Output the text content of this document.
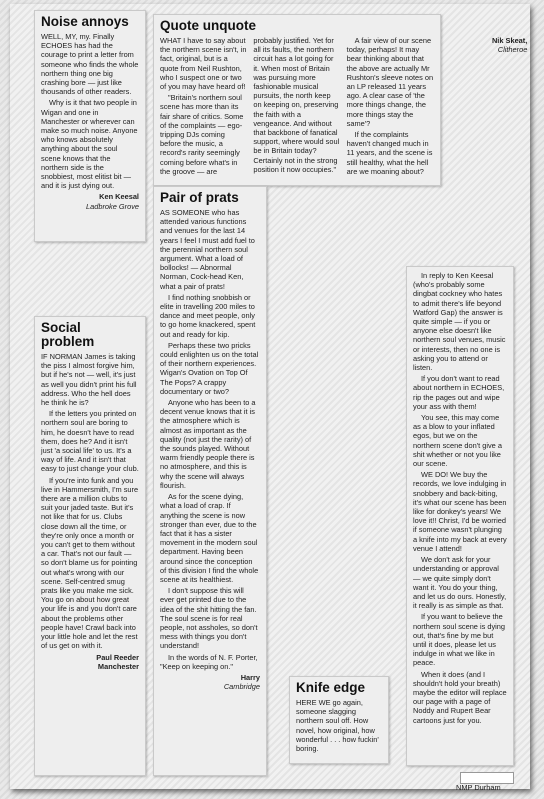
Noise annoys

WELL, MY, my. Finally ECHOES has had the courage to print a letter from someone who finds the whole northern thing one big crashing bore — just like thousands of other readers.

Why is it that two people in Wigan and one in Manchester or wherever can make so much noise. Anyone who knows absolutely anything about the soul scene knows that the northern side is the snobbiest, most elitist bit — and it is just dying out.

Ken Keesal
Ladbroke Grove
Quote unquote

WHAT I have to say about the northern scene isn't, in fact, original, but is a quote from Neil Rushton, who I suspect one or two of you may have heard of!

"Britain's northern soul scene has more than its fair share of critics. Some of the complaints — ego-tripping DJs coming before the music, a record's rarity seemingly coming before what's in the groove — are probably justified. Yet for all its faults, the northern circuit has a lot going for it. When most of Britain was pursuing more fashionable musical pursuits, the north keep on keeping on, preserving the faith with a vengeance. And without that backbone of fanatical support, where would soul be in Britain today? Certainly not in the strong position it now occupies."

A fair view of our scene today, perhaps! It may bear thinking about that the above are actually Mr Rushton's sleeve notes on an LP released 11 years ago. A clear case of 'the more things change, the more things stay the same'?

If the complaints haven't changed much in 11 years, and the scene is still healthy, what the hell are we moaning about?

Nik Skeat,
Clitheroe
Pair of prats

AS SOMEONE who has attended various functions and venues for the last 14 years I feel I must add fuel to the perennial northern soul argument. What a load of bollocks! — Abnormal Norman, Cock-head Ken, what a pair of prats!

I find nothing snobbish or elite in travelling 200 miles to dance and meet people, only to go home knackered, spent out and ready for kip.

Perhaps these two pricks could enlighten us on the total of their northern experiences. Wigan's Ovation on Top Of The Pops? A crappy documentary or two?

Anyone who has been to a decent venue knows that it is the atmosphere which is almost as important as the quality (not just the rarity) of the sounds played. Without warm friendly people there is no atmosphere, and this is why the scene will always flourish.

As for the scene dying, what a load of crap. If anything the scene is now stronger than ever, due to the fact that it has a sister movement in the modern soul department. Having been around since the conception of this division I find the whole scene at its healthiest.

I don't suppose this will ever get printed due to the idea of the shit hitting the fan. The soul scene is for real people, not assholes, so don't mess with things you don't understand!

In the words of N. F. Porter, "Keep on keeping on."

Harry
Cambridge
Social problem

IF NORMAN James is taking the piss I almost forgive him, but if he's not — well, it's just as well you didn't print his full address. Who the hell does he think he is?

If the letters you printed on northern soul are boring to him, he doesn't have to read them, does he? And it isn't just 'a social life' to us. It's a way of life. And it isn't that easy to just change your club.

If you're into funk and you live in Hammersmith, I'm sure there are a million clubs to suit your jaded taste. But it's not like that for us. Clubs close down all the time, or they're only once a month or you can't get to them without a car. That's not our fault — so don't blame us for pointing out what's wrong with our scene. Self-centred smug prats like you make me sick. You go on about how great your life is and you don't care about the problems other people have! Crawl back into your little hole and let the rest of us get on with it.

Paul Reeder
Manchester

In reply to Ken Keesal (who's probably some dingbat cockney who hates to admit there's life beyond Watford Gap) the answer is quite simple — if you or anyone else doesn't like northern soul venues, music or interests, then no one is asking you to attend or listen.

If you don't want to read about northern in ECHOES, rip the pages out and wipe your ass with them!

You see, this may come as a blow to your inflated egos, but we on the northern scene don't give a shit whether or not you like our scene.

WE DO! We buy the records, we love indulging in snobbery and back-biting, it's what our scene has been like for donkey's years! We love it!! Christ, I'd be worried if someone wasn't plunging a knife into my back at every venue I attend!

We don't ask for your understanding or approval — we quite simply don't want it. You do your thing, and let us do ours. Honestly, it really is as simple as that.

If you want to believe the northern soul scene is dying out, that's fine by me but until it does, please let us indulge in what we like in peace.

When it does (and I shouldn't hold your breath) maybe the editor will replace our page with a page of Noddy and Rupert Bear cartoons just for you.

Knife edge

HERE WE go again, someone slagging northern soul off. How novel, how original, how wonderful . . . how fuckin' boring.

NMP Durham
